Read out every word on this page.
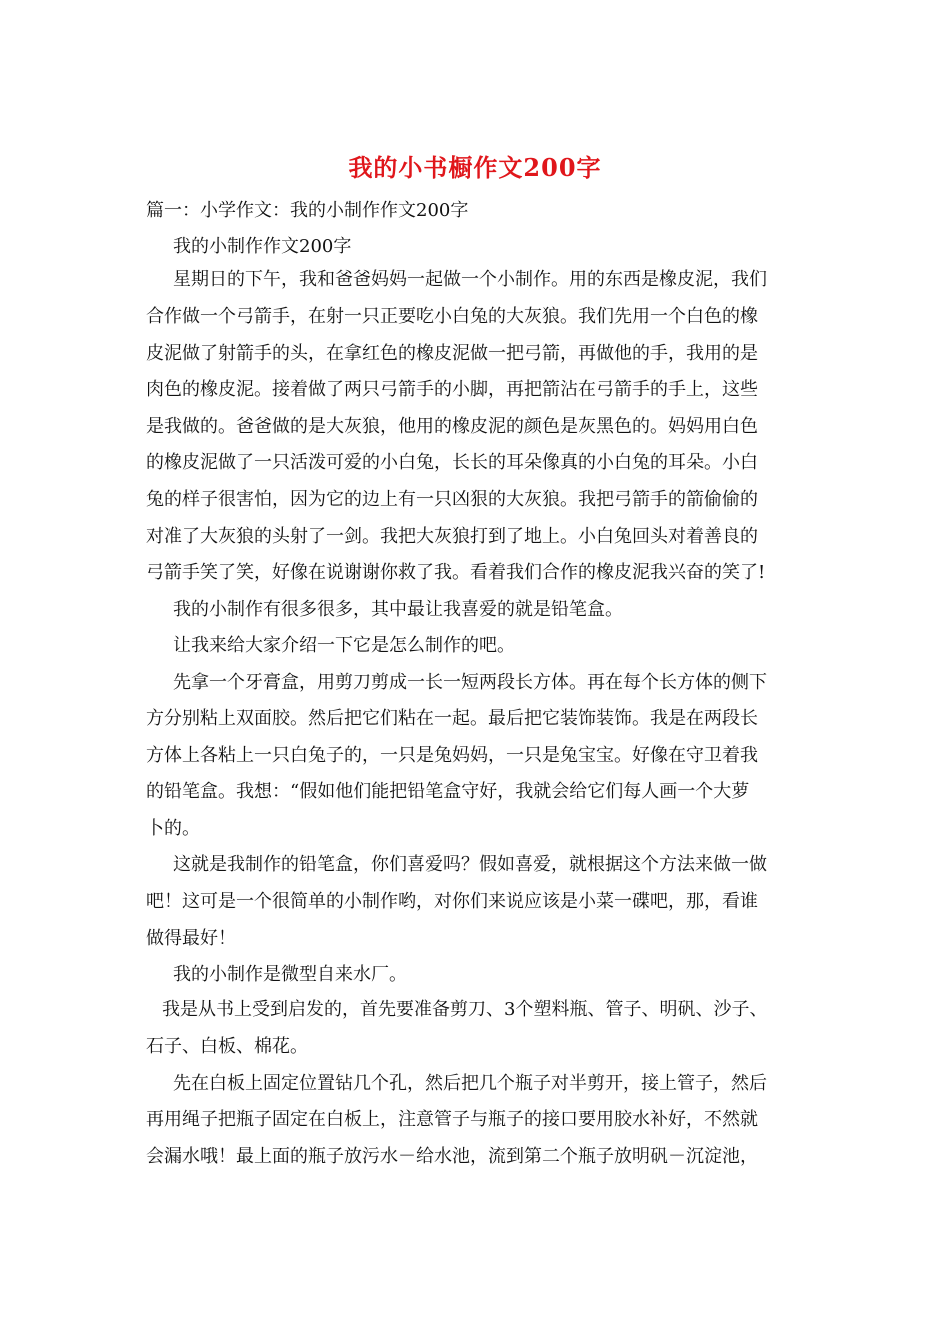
我的小书橱作文200字
篇一：小学作文：我的小制作作文200字
我的小制作作文200字
星期日的下午，我和爸爸妈妈一起做一个小制作。用的东西是橡皮泥，我们
合作做一个弓箭手，在射一只正要吃小白兔的大灰狼。我们先用一个白色的橡
皮泥做了射箭手的头，在拿红色的橡皮泥做一把弓箭，再做他的手，我用的是
肉色的橡皮泥。接着做了两只弓箭手的小脚，再把箭沾在弓箭手的手上，这些
是我做的。爸爸做的是大灰狼，他用的橡皮泥的颜色是灰黑色的。妈妈用白色
的橡皮泥做了一只活泼可爱的小白兔，长长的耳朵像真的小白兔的耳朵。小白
兔的样子很害怕，因为它的边上有一只凶狠的大灰狼。我把弓箭手的箭偷偷的
对准了大灰狼的头射了一剑。我把大灰狼打到了地上。小白兔回头对着善良的
弓箭手笑了笑，好像在说谢谢你救了我。看着我们合作的橡皮泥我兴奋的笑了!
我的小制作有很多很多，其中最让我喜爱的就是铅笔盒。
让我来给大家介绍一下它是怎么制作的吧。
先拿一个牙膏盒，用剪刀剪成一长一短两段长方体。再在每个长方体的侧下
方分别粘上双面胶。然后把它们粘在一起。最后把它装饰装饰。我是在两段长
方体上各粘上一只白兔子的，一只是兔妈妈，一只是兔宝宝。好像在守卫着我
的铅笔盒。我想：“假如他们能把铅笔盒守好，我就会给它们每人画一个大萝
卜的。
这就是我制作的铅笔盒，你们喜爱吗？假如喜爱，就根据这个方法来做一做
吧！这可是一个很简单的小制作哟，对你们来说应该是小菜一碟吧，那，看谁
做得最好！
我的小制作是微型自来水厂。
我是从书上受到启发的，首先要准备剪刀、3个塑料瓶、管子、明矾、沙子、
石子、白板、棉花。
先在白板上固定位置钻几个孔，然后把几个瓶子对半剪开，接上管子，然后
再用绳子把瓶子固定在白板上，注意管子与瓶子的接口要用胶水补好，不然就
会漏水哦！最上面的瓶子放污水－给水池，流到第二个瓶子放明矾－沉淀池，
